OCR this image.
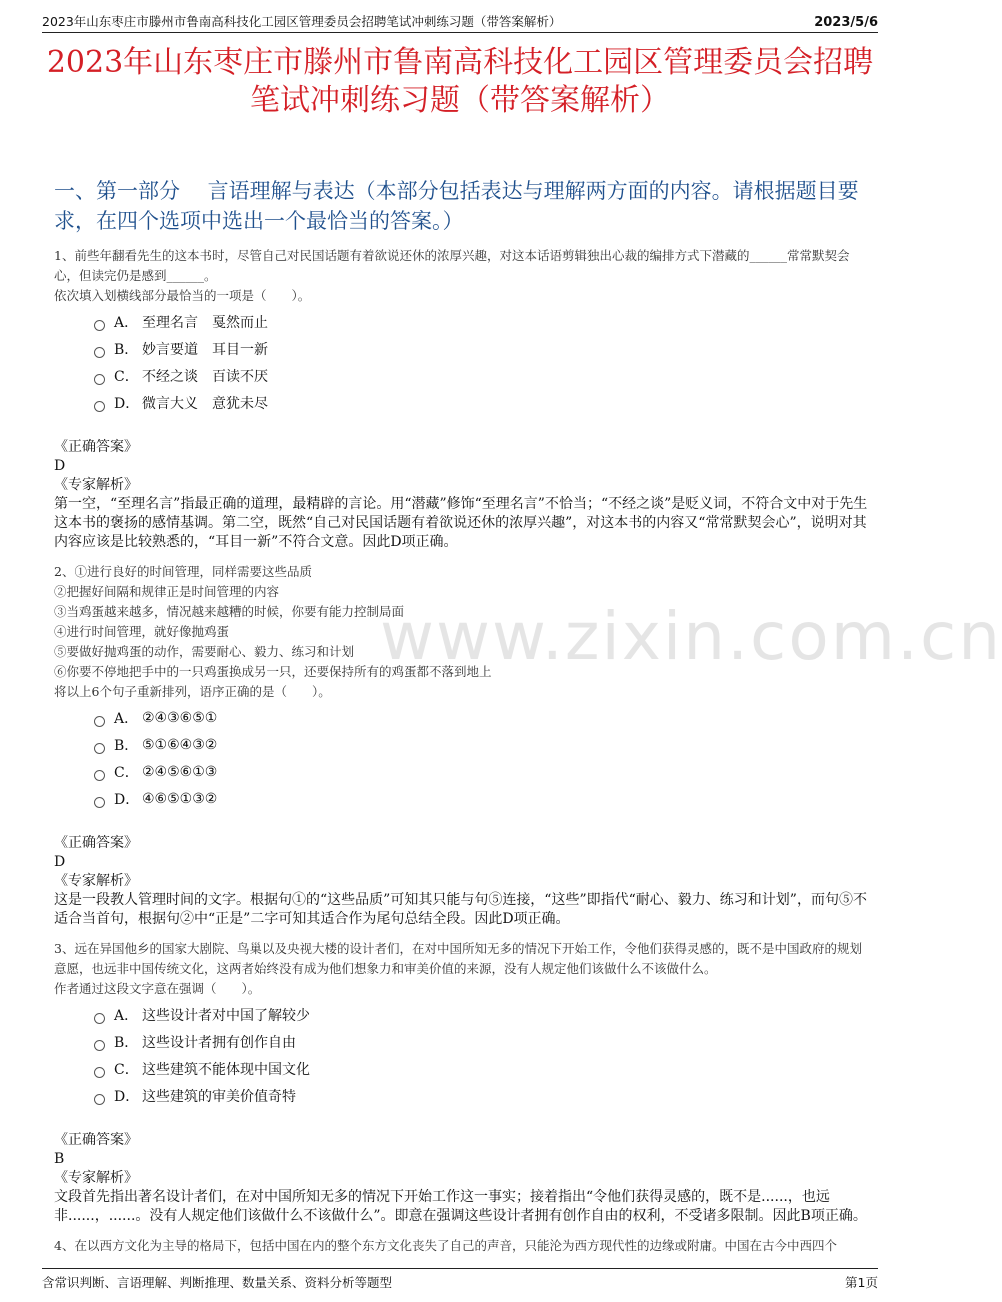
2023年山东枣庄市滕州市鲁南高科技化工园区管理委员会招聘笔试冲刺练习题（带答案解析）	2023/5/6
2023年山东枣庄市滕州市鲁南高科技化工园区管理委员会招聘笔试冲刺练习题（带答案解析）
一、第一部分　 言语理解与表达（本部分包括表达与理解两方面的内容。请根据题目要求，在四个选项中选出一个最恰当的答案。）
www.zixin.com.cn

1、前些年翻看先生的这本书时，尽管自己对民国话题有着欲说还休的浓厚兴趣，对这本话语剪辑独出心裁的编排方式下潜藏的______常常默契会心，但读完仍是感到______。

依次填入划横线部分最恰当的一项是（　　）。

A． 至理名言　戛然而止
B． 妙言要道　耳目一新
C． 不经之谈　百读不厌
D． 微言大义　意犹未尽

《正确答案》

D

《专家解析》

第一空，“至理名言”指最正确的道理，最精辟的言论。用“潜藏”修饰“至理名言”不恰当；“不经之谈”是贬义词，不符合文中对于先生这本书的褒扬的感情基调。第二空，既然“自己对民国话题有着欲说还休的浓厚兴趣”，对这本书的内容又“常常默契会心”，说明对其内容应该是比较熟悉的，“耳目一新”不符合文意。因此D项正确。

2、①进行良好的时间管理，同样需要这些品质

②把握好间隔和规律正是时间管理的内容

③当鸡蛋越来越多，情况越来越糟的时候，你要有能力控制局面

④进行时间管理，就好像抛鸡蛋

⑤要做好抛鸡蛋的动作，需要耐心、毅力、练习和计划

⑥你要不停地把手中的一只鸡蛋换成另一只，还要保持所有的鸡蛋都不落到地上

将以上6个句子重新排列，语序正确的是（　　）。

A． ②④③⑥⑤①
B． ⑤①⑥④③②
C． ②④⑤⑥①③
D． ④⑥⑤①③②

《正确答案》

D

《专家解析》

这是一段教人管理时间的文字。根据句①的“这些品质”可知其只能与句⑤连接，“这些”即指代“耐心、毅力、练习和计划”，而句⑤不适合当首句，根据句②中“正是”二字可知其适合作为尾句总结全段。因此D项正确。

3、远在异国他乡的国家大剧院、鸟巢以及央视大楼的设计者们，在对中国所知无多的情况下开始工作，令他们获得灵感的，既不是中国政府的规划意愿，也远非中国传统文化，这两者始终没有成为他们想象力和审美价值的来源，没有人规定他们该做什么不该做什么。

作者通过这段文字意在强调（　　）。

A． 这些设计者对中国了解较少
B． 这些设计者拥有创作自由
C． 这些建筑不能体现中国文化
D． 这些建筑的审美价值奇特

《正确答案》

B

《专家解析》

文段首先指出著名设计者们，在对中国所知无多的情况下开始工作这一事实；接着指出“令他们获得灵感的，既不是......，也远非......，......。没有人规定他们该做什么不该做什么”。即意在强调这些设计者拥有创作自由的权利，不受诸多限制。因此B项正确。

4、在以西方文化为主导的格局下，包括中国在内的整个东方文化丧失了自己的声音，只能沦为西方现代性的边缘或附庸。中国在古今中西四个
含常识判断、言语理解、判断推理、数量关系、资料分析等题型	第1页
